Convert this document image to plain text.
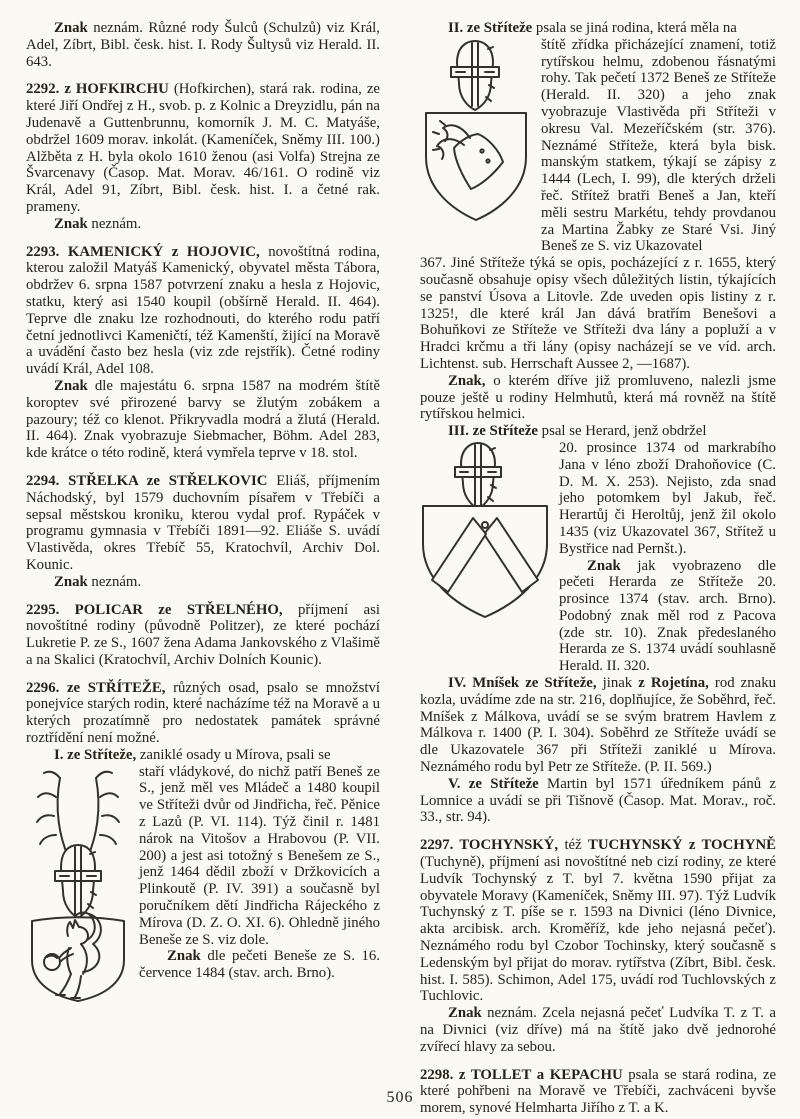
Znak neznám. Různé rody Šulců (Schulzů) viz Král, Adel, Zíbrt, Bibl. česk. hist. I. Rody Šultysů viz Herald. II. 643.

2292. z HOFKIRCHU (Hofkirchen), stará rak. rodina, ze které Jiří Ondřej z H., svob. p. z Kolnic a Dreyzidlu, pán na Judenavě a Guttenbrunnu, komorník J. M. C. Matyáše, obdržel 1609 morav. inkolát. (Kameníček, Sněmy III. 100.) Alžběta z H. byla okolo 1610 ženou (asi Volfa) Strejna ze Švarcenavy (Časop. Mat. Morav. 46/161. O rodině viz Král, Adel 91, Zíbrt, Bibl. česk. hist. I. a četné rak. prameny.

Znak neznám.

2293. KAMENICKÝ z HOJOVIC, novoštítná rodina, kterou založil Matyáš Kamenický, obyvatel města Tábora, obdržev 6. srpna 1587 potvrzení znaku a hesla z Hojovic, statku, který asi 1540 koupil (obšírně Herald. II. 464). Teprve dle znaku lze rozhodnouti, do kterého rodu patří četní jednotlivci Kameničtí, též Kamenští, žijící na Moravě a uvádění často bez hesla (viz zde rejstřík). Četné rodiny uvádí Král, Adel 108.

Znak dle majestátu 6. srpna 1587 na modrém štítě koroptev své přirozené barvy se žlutým zobákem a pazoury; též co klenot. Přikryvadla modrá a žlutá (Herald. II. 464). Znak vyobrazuje Siebmacher, Böhm. Adel 283, kde krátce o této rodině, která vymřela teprve v 18. stol.

2294. STŘELKA ze STŘELKOVIC Eliáš, příjmením Náchodský, byl 1579 duchovním písařem v Třebíči a sepsal městskou kroniku, kterou vydal prof. Rypáček v programu gymnasia v Třebíči 1891—92. Eliáše S. uvádí Vlastivěda, okres Třebíč 55, Kratochvíl, Archiv Dol. Kounic.

Znak neznám.

2295. POLICAR ze STŘELNÉHO, příjmení asi novoštítné rodiny (původně Politzer), ze které pochází Lukretie P. ze S., 1607 žena Adama Jankovského z Vlašimě a na Skalici (Kratochvíl, Archiv Dolních Kounic).

2296. ze STŘÍTEŽE, různých osad, psalo se množství ponejvíce starých rodin, které nacházíme též na Moravě a u kterých prozatímně pro nedostatek památek správné roztřídění není možné.

I. ze Stříteže, zaniklé osady u Mírova, psali se

staří vládykové, do nichž patří Beneš ze S., jenž měl ves Mládeč a 1480 koupil ve Stříteži dvůr od Jindřicha, řeč. Pěnice z Lazů (P. VI. 114). Týž činil r. 1481 nárok na Vitošov a Hrabovou (P. VII. 200) a jest asi totožný s Benešem ze S., jenž 1464 dědil zboží v Držkovicích a Plinkoutě (P. IV. 391) a současně byl poručníkem dětí Jindřicha Rájeckého z Mírova (D. Z. O. XI. 6). Ohledně jiného Beneše ze S. viz dole.

Znak dle pečeti Beneše ze S. 16. července 1484 (stav. arch. Brno).

II. ze Stříteže psala se jiná rodina, která měla na

štítě zřídka přicházející znamení, totiž rytířskou helmu, zdobenou řásnatými rohy. Tak pečetí 1372 Beneš ze Stříteže (Herald. II. 320) a jeho znak vyobrazuje Vlastivěda při Stříteži v okresu Val. Mezeříčském (str. 376). Neznámé Stříteže, která byla bisk. manským statkem, týkají se zápisy z 1444 (Lech, I. 99), dle kterých drželi řeč. Střítež bratři Beneš a Jan, kteří měli sestru Markétu, tehdy provdanou za Martina Žabky ze Staré Vsi. Jiný Beneš ze S. viz Ukazovatel

367. Jiné Stříteže týká se opis, pocházející z r. 1655, který současně obsahuje opisy všech důležitých listin, týkajících se panství Úsova a Litovle. Zde uveden opis listiny z r. 1325!, dle které král Jan dává bratřím Benešovi a Bohuňkovi ze Stříteže ve Stříteži dva lány a popluží a v Hradci krčmu a tři lány (opisy nacházejí se ve víd. arch. Lichtenst. sub. Herrschaft Aussee 2, —1687).

Znak, o kterém dříve již promluveno, nalezli jsme pouze ještě u rodiny Helmhutů, která má rovněž na štítě rytířskou helmici.

III. ze Stříteže psal se Herard, jenž obdržel

20. prosince 1374 od markrabího Jana v léno zboží Drahoňovice (C. D. M. X. 253). Nejisto, zda snad jeho potomkem byl Jakub, řeč. Herartůj či Heroltůj, jenž žil okolo 1435 (viz Ukazovatel 367, Střítež u Bystřice nad Pernšt.).

Znak jak vyobrazeno dle pečeti Herarda ze Stříteže 20. prosince 1374 (stav. arch. Brno). Podobný znak měl rod z Pacova (zde str. 10). Znak předeslaného Herarda ze S. 1374 uvádí souhlasně Herald. II. 320.

IV. Mníšek ze Stříteže, jinak z Rojetína, rod znaku kozla, uvádíme zde na str. 216, doplňujíce, že Soběhrd, řeč. Mníšek z Málkova, uvádí se se svým bratrem Havlem z Málkova r. 1400 (P. I. 304). Soběhrd ze Stříteže uvádí se dle Ukazovatele 367 při Stříteži zaniklé u Mírova. Neznámého rodu byl Petr ze Stříteže. (P. II. 569.)

V. ze Stříteže Martin byl 1571 úředníkem pánů z Lomnice a uvádí se při Tišnově (Časop. Mat. Morav., roč. 33., str. 94).

2297. TOCHYNSKÝ, též TUCHYNSKÝ z TOCHYNĚ (Tuchyně), příjmení asi novoštítné neb cizí rodiny, ze které Ludvík Tochynský z T. byl 7. května 1590 přijat za obyvatele Moravy (Kameníček, Sněmy III. 97). Týž Ludvík Tuchynský z T. píše se r. 1593 na Divnici (léno Divnice, akta arcibisk. arch. Kroměříž, kde jeho nejasná pečeť). Neznámého rodu byl Czobor Tochinsky, který současně s Ledenským byl přijat do morav. rytířstva (Zíbrt, Bibl. česk. hist. I. 585). Schimon, Adel 175, uvádí rod Tuchlovských z Tuchlovic.

Znak neznám. Zcela nejasná pečeť Ludvíka T. z T. a na Divnici (viz dříve) má na štítě jako dvě jednorohé zvířecí hlavy za sebou.

2298. z TOLLET a KEPACHU psala se stará rodina, ze které pohřbeni na Moravě ve Třebíči, zachváceni byvše morem, synové Helmharta Jiřího z T. a K.

506
